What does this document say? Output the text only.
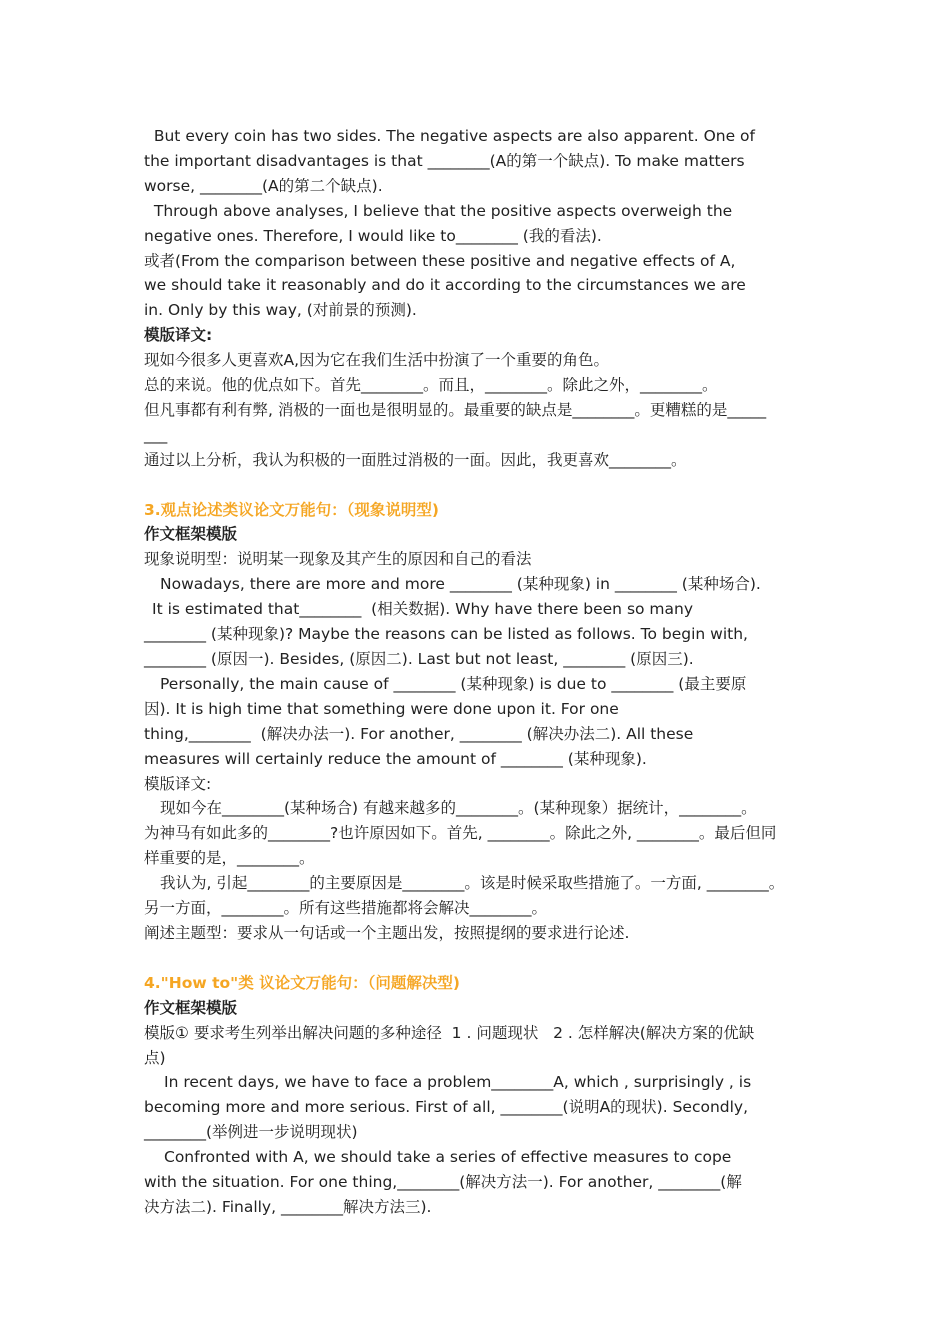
But every coin has two sides. The negative aspects are also apparent. One of
the important disadvantages is that ________(A的第一个缺点). To make matters
worse, ________(A的第二个缺点).
Through above analyses, I believe that the positive aspects overweigh the
negative ones. Therefore, I would like to________ (我的看法).
或者(From the comparison between these positive and negative effects of A,
we should take it reasonably and do it according to the circumstances we are
in. Only by this way, (对前景的预测).
模版译文:
现如今很多人更喜欢A,因为它在我们生活中扮演了一个重要的角色。
总的来说。他的优点如下。首先________。而且，________。除此之外，________。
但凡事都有利有弊, 消极的一面也是很明显的。最重要的缺点是________。更糟糕的是_____
___
通过以上分析，我认为积极的一面胜过消极的一面。因此，我更喜欢________。
3.观点论述类议论文万能句：（现象说明型)
作文框架模版
现象说明型：说明某一现象及其产生的原因和自己的看法
Nowadays, there are more and more ________ (某种现象) in ________ (某种场合).
It is estimated that________  (相关数据). Why have there been so many
________ (某种现象)? Maybe the reasons can be listed as follows. To begin with,
________ (原因一). Besides, (原因二). Last but not least, ________ (原因三).
Personally, the main cause of ________ (某种现象) is due to ________ (最主要原
因). It is high time that something were done upon it. For one
thing,________  (解决办法一). For another, ________ (解决办法二). All these
measures will certainly reduce the amount of ________ (某种现象).
模版译文:
现如今在________(某种场合) 有越来越多的________。(某种现象）据统计，________。
为神马有如此多的________?也许原因如下。首先, ________。除此之外, ________。最后但同
样重要的是，________。
我认为, 引起________的主要原因是________。该是时候采取些措施了。一方面, ________。
另一方面，________。所有这些措施都将会解决________。
阐述主题型：要求从一句话或一个主题出发，按照提纲的要求进行论述.
4."How to"类 议论文万能句：（问题解决型)
作文框架模版
模版① 要求考生列举出解决问题的多种途径  1 . 问题现状   2 . 怎样解决(解决方案的优缺
点)
In recent days, we have to face a problem________A, which , surprisingly , is
becoming more and more serious. First of all, ________(说明A的现状). Secondly,
________(举例进一步说明现状)
Confronted with A, we should take a series of effective measures to cope
with the situation. For one thing,________(解决方法一). For another, ________(解
决方法二). Finally, ________解决方法三).
